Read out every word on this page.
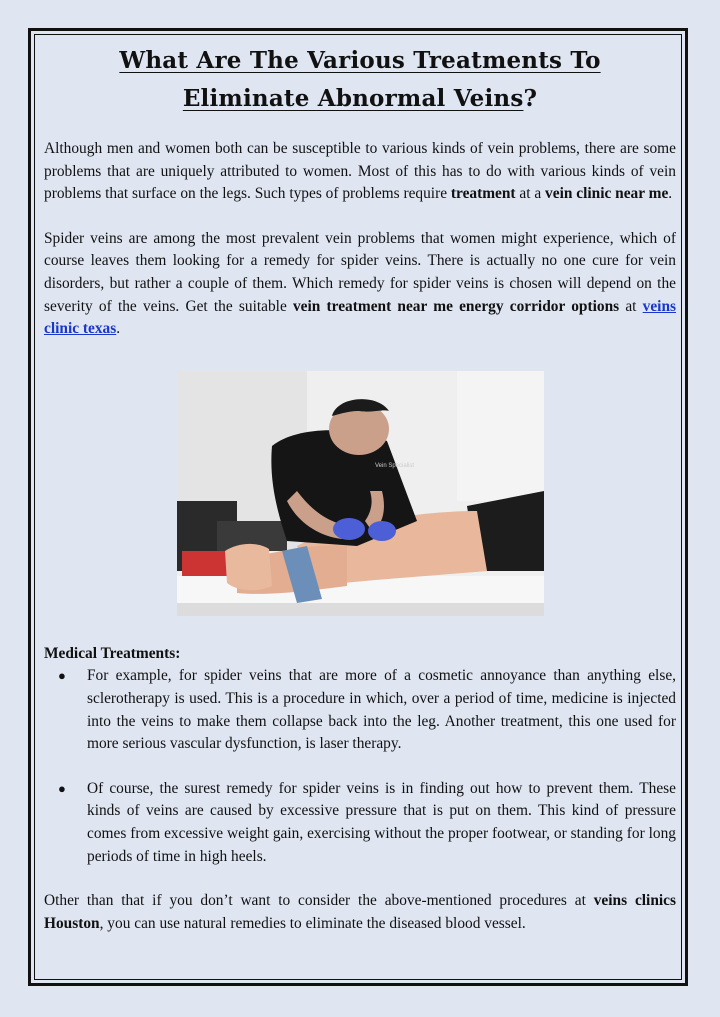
What Are The Various Treatments To
Eliminate Abnormal Veins?

Although men and women both can be susceptible to various kinds of vein problems, there are some problems that are uniquely attributed to women. Most of this has to do with various kinds of vein problems that surface on the legs. Such types of problems require treatment at a vein clinic near me.

Spider veins are among the most prevalent vein problems that women might experience, which of course leaves them looking for a remedy for spider veins. There is actually no one cure for vein disorders, but rather a couple of them. Which remedy for spider veins is chosen will depend on the severity of the veins. Get the suitable vein treatment near me energy corridor options at veins clinic texas.

Vein Specialist
Medical Treatments:
● For example, for spider veins that are more of a cosmetic annoyance than anything else, sclerotherapy is used. This is a procedure in which, over a period of time, medicine is injected into the veins to make them collapse back into the leg. Another treatment, this one used for more serious vascular dysfunction, is laser therapy.
● Of course, the surest remedy for spider veins is in finding out how to prevent them. These kinds of veins are caused by excessive pressure that is put on them. This kind of pressure comes from excessive weight gain, exercising without the proper footwear, or standing for long periods of time in high heels.

Other than that if you don’t want to consider the above-mentioned procedures at veins clinics Houston, you can use natural remedies to eliminate the diseased blood vessel.
